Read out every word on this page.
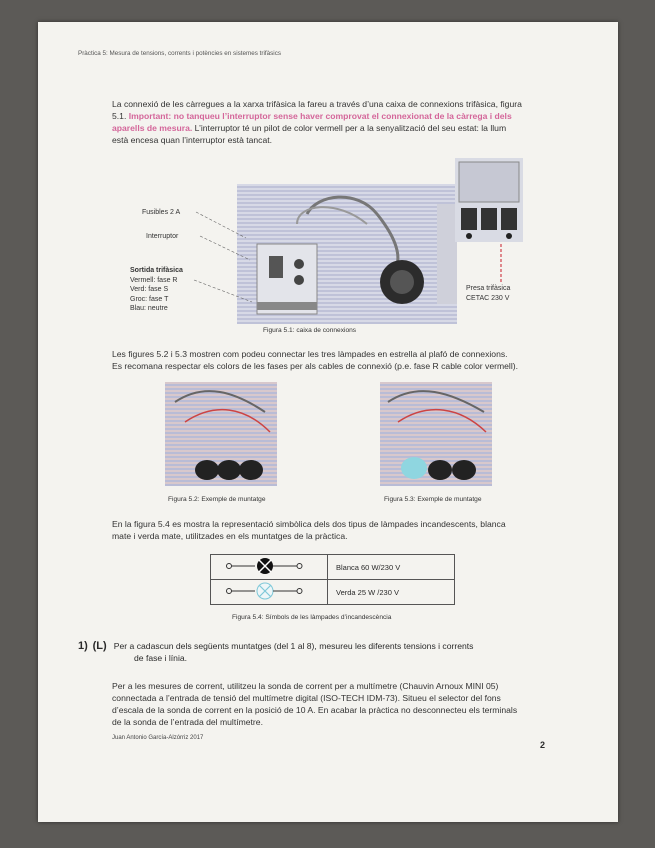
Pràctica 5: Mesura de tensions, corrents i potències en sistemes trifàsics
La connexió de les càrregues a la xarxa trifàsica la fareu a través d’una caixa de connexions trifàsica, figura
5.1. Important: no tanqueu l’interruptor sense haver comprovat el connexionat de la càrrega i dels
aparells de mesura. L’interruptor té un pilot de color vermell per a la senyalització del seu estat: la llum
està encesa quan l’interruptor està tancat.
Fusibles 2 A
Interruptor
Sortida trifàsica
Vermell: fase R
Verd: fase S
Groc: fase T
Blau: neutre
Presa trifàsica
CETAC 230 V
Figura 5.1: caixa de connexions
Les figures 5.2 i 5.3 mostren com podeu connectar les tres làmpades en estrella al plafó de connexions.
Es recomana respectar els colors de les fases per als cables de connexió (p.e. fase R cable color vermell).
Figura 5.2: Exemple de muntatge	Figura 5.3: Exemple de muntatge
En la figura 5.4 es mostra la representació simbòlica dels dos tipus de làmpades incandescents, blanca
mate i verda mate, utilitzades en els muntatges de la pràctica.
	Blanca 60 W/230 V
	Verda 25 W /230 V
Figura 5.4: Símbols de les làmpades d’incandescència
1) (L) Per a cadascun dels següents muntatges (del 1 al 8), mesureu les diferents tensions i corrents
de fase i línia.
Per a les mesures de corrent, utilitzeu la sonda de corrent per a multímetre (Chauvin Arnoux MINI 05)
connectada a l’entrada de tensió del multímetre digital (ISO-TECH IDM-73). Situeu el selector del fons
d’escala de la sonda de corrent en la posició de 10 A. En acabar la pràctica no desconnecteu els terminals
de la sonda de l’entrada del multímetre.
Juan Antonio García-Alzórriz 2017
2
